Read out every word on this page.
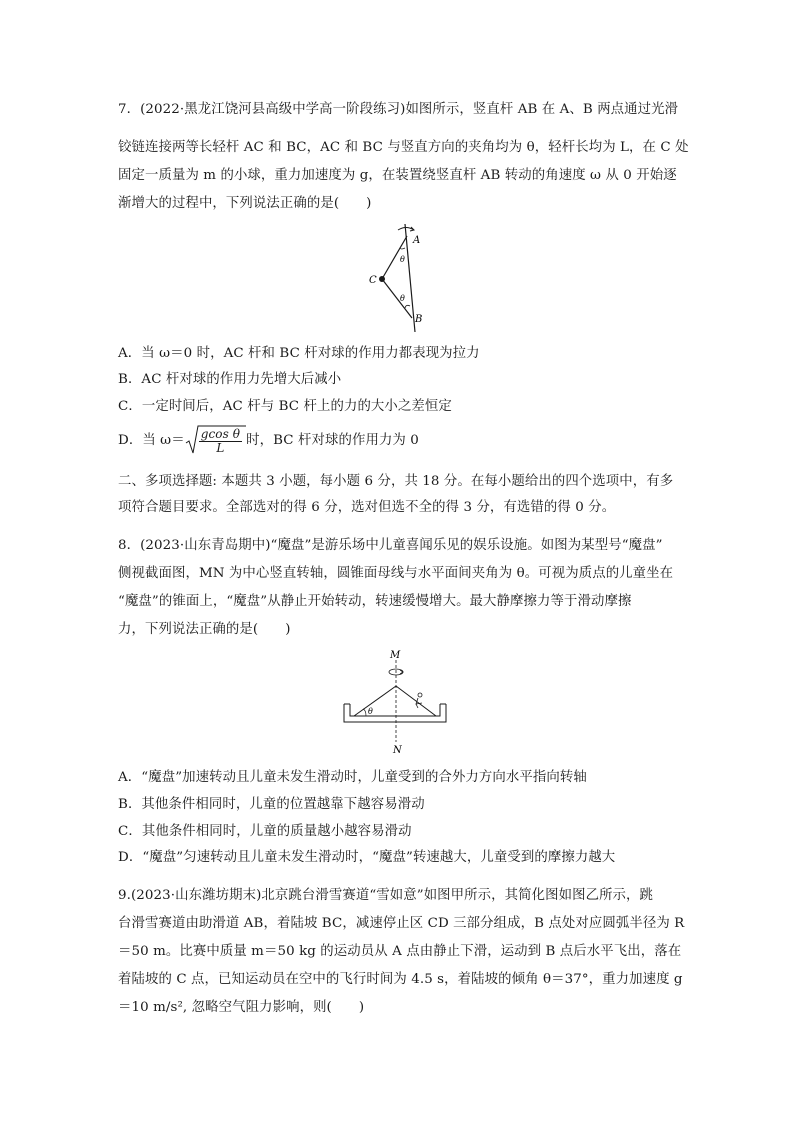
7．(2022·黑龙江饶河县高级中学高一阶段练习)如图所示，竖直杆 AB 在 A、B 两点通过光滑
铰链连接两等长轻杆 AC 和 BC，AC 和 BC 与竖直方向的夹角均为 θ，轻杆长均为 L，在 C 处
固定一质量为 m 的小球，重力加速度为 g，在装置绕竖直杆 AB 转动的角速度 ω 从 0 开始逐
渐增大的过程中，下列说法正确的是(　　)
A
B
C
θ
θ
A．当 ω＝0 时，AC 杆和 BC 杆对球的作用力都表现为拉力
B．AC 杆对球的作用力先增大后减小
C．一定时间后，AC 杆与 BC 杆上的力的大小之差恒定
D．当 $\omega= \frac{\text{gcos θ}}{L}$ 时，BC 杆对球的作用力为 0
二、多项选择题: 本题共 3 小题，每小题 6 分，共 18 分。在每小题给出的四个选项中，有多
项符合题目要求。全部选对的得 6 分，选对但选不全的得 3 分，有选错的得 0 分。
8．(2023·山东青岛期中)“魔盘”是游乐场中儿童喜闻乐见的娱乐设施。如图为某型号“魔盘”
侧视截面图，MN 为中心竖直转轴，圆锥面母线与水平面间夹角为 θ。可视为质点的儿童坐在
“魔盘”的锥面上，“魔盘”从静止开始转动，转速缓慢增大。最大静摩擦力等于滑动摩擦
力，下列说法正确的是(　　)
M
N
θ
A．“魔盘”加速转动且儿童未发生滑动时，儿童受到的合外力方向水平指向转轴
B．其他条件相同时，儿童的位置越靠下越容易滑动
C．其他条件相同时，儿童的质量越小越容易滑动
D．“魔盘”匀速转动且儿童未发生滑动时，“魔盘”转速越大，儿童受到的摩擦力越大
9.(2023·山东潍坊期末)北京跳台滑雪赛道“雪如意”如图甲所示，其简化图如图乙所示，跳
台滑雪赛道由助滑道 AB，着陆坡 BC，减速停止区 CD 三部分组成，B 点处对应圆弧半径为 R
＝50 m。比赛中质量 m＝50 kg 的运动员从 A 点由静止下滑，运动到 B 点后水平飞出，落在
着陆坡的 C 点，已知运动员在空中的飞行时间为 4.5 s，着陆坡的倾角 θ＝37°，重力加速度 g
＝10 m/s², 忽略空气阻力影响，则(　　)
